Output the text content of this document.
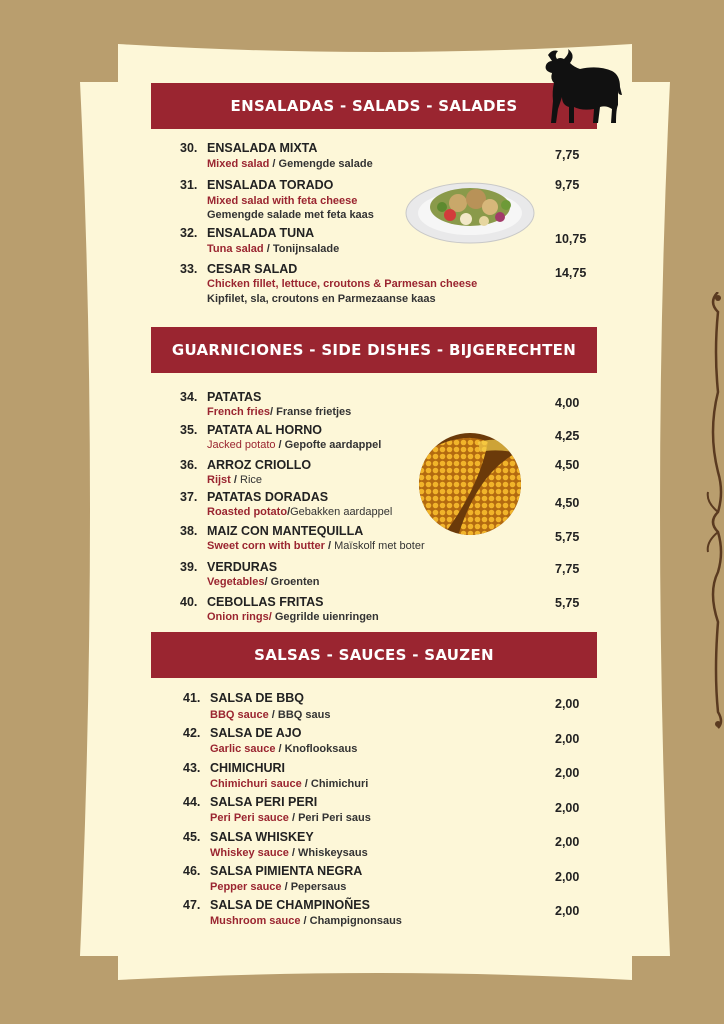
ENSALADAS - SALADS - SALADES
30. ENSALADA MIXTA
Mixed salad / Gemengde salade
7,75
31. ENSALADA TORADO
Mixed salad with feta cheese
Gemengde salade met feta kaas
9,75
32. ENSALADA TUNA
Tuna salad / Tonijnsalade
10,75
33. CESAR SALAD
Chicken fillet, lettuce, croutons & Parmesan cheese
Kipfilet, sla, croutons en Parmezaanse kaas
14,75
GUARNICIONES - SIDE DISHES - BIJGERECHTEN
34. PATATAS
French fries/ Franse frietjes
4,00
35. PATATA AL HORNO
Jacked potato / Gepofte aardappel
4,25
36. ARROZ CRIOLLO
Rijst / Rice
4,50
37. PATATAS DORADAS
Roasted potato/Gebakken aardappel
4,50
38. MAIZ CON MANTEQUILLA
Sweet corn with butter / Maïskolf met boter
5,75
39. VERDURAS
Vegetables/ Groenten
7,75
40. CEBOLLAS FRITAS
Onion rings/ Gegrilde uienringen
5,75
SALSAS - SAUCES - SAUZEN
41. SALSA DE BBQ
BBQ sauce / BBQ saus
2,00
42. SALSA DE AJO
Garlic sauce / Knoflooksaus
2,00
43. CHIMICHURI
Chimichuri sauce / Chimichuri
2,00
44. SALSA PERI PERI
Peri Peri sauce / Peri Peri saus
2,00
45. SALSA WHISKEY
Whiskey sauce / Whiskeysaus
2,00
46. SALSA PIMIENTA NEGRA
Pepper sauce / Pepersaus
2,00
47. SALSA DE CHAMPINOÑES
Mushroom sauce / Champignonsaus
2,00
